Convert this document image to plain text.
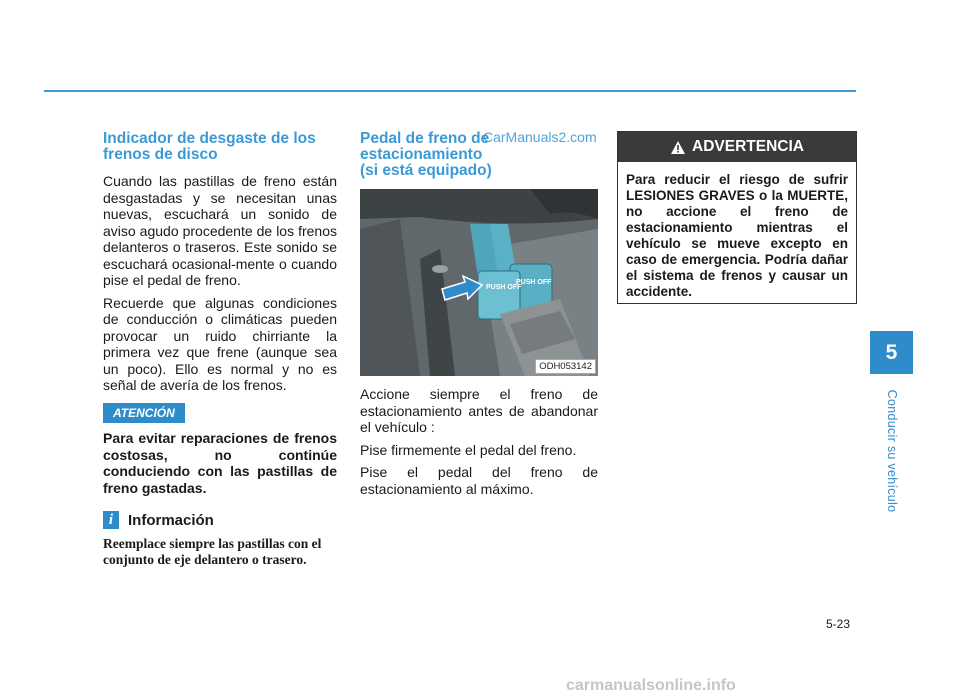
Indicador de desgaste de los
frenos de disco

Cuando las pastillas de freno están desgastadas y se necesitan unas nuevas, escuchará un sonido de aviso agudo procedente de los frenos delanteros o traseros. Este sonido se escuchará ocasional-mente o cuando pise el pedal de freno.

Recuerde que algunas condiciones de conducción o climáticas pueden provocar un ruido chirriante la primera vez que frene (aunque sea un poco). Ello es normal y no es señal de avería de los frenos.

ATENCIÓN
Para evitar reparaciones de frenos costosas, no continúe conduciendo con las pastillas de freno gastadas.
i Información
Reemplace siempre las pastillas con el conjunto de eje delantero o trasero.
Pedal de freno de
estacionamiento
(si está equipado)
CarManuals2.com
PUSH OFF
PUSH OFF
ODH053142

Accione siempre el freno de estacionamiento antes de abandonar el vehículo :

Pise firmemente el pedal del freno.

Pise el pedal del freno de estacionamiento al máximo.

ADVERTENCIA
Para reducir el riesgo de sufrir LESIONES GRAVES o la MUERTE, no accione el freno de estacionamiento mientras el vehículo se mueve excepto en caso de emergencia. Podría dañar el sistema de frenos y causar un accidente.
5
Conducir su vehículo
5-23
carmanualsonline.info
